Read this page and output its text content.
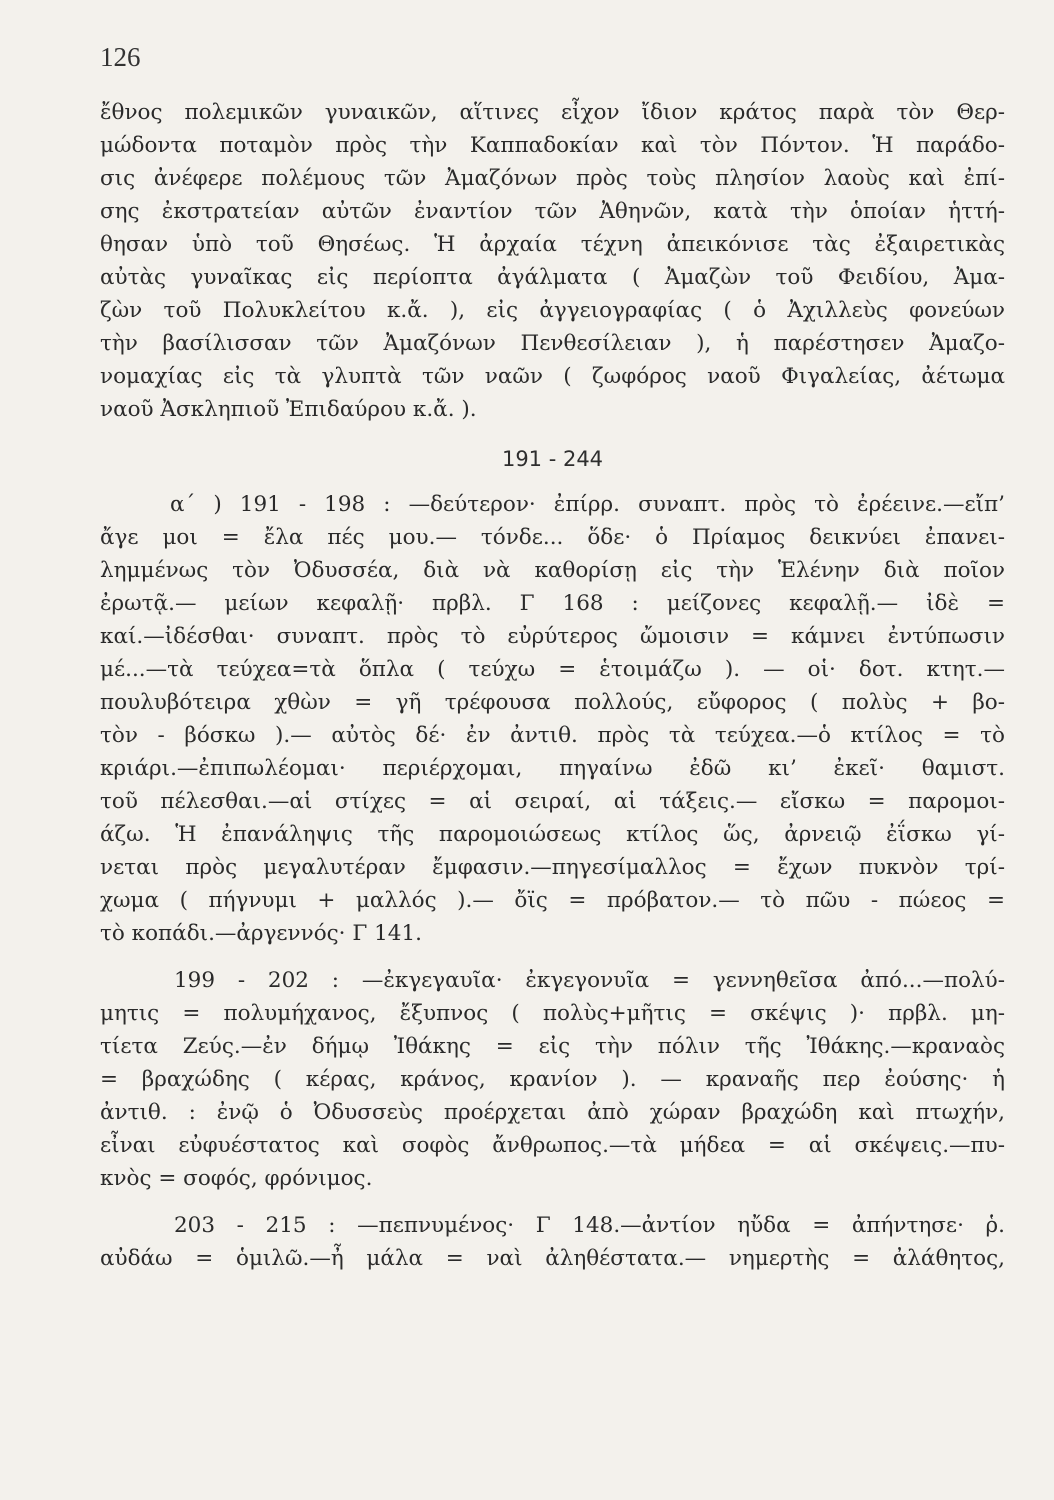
126
ἔθνος πολεμικῶν γυναικῶν, αἵτινες εἶχον ἴδιον κράτος παρὰ τὸν Θερ-
μώδοντα ποταμὸν πρὸς τὴν Καππαδοκίαν καὶ τὸν Πόντον. Ἡ παράδο-
σις ἀνέφερε πολέμους τῶν Ἀμαζόνων πρὸς τοὺς πλησίον λαοὺς καὶ ἐπί-
σης ἐκστρατείαν αὐτῶν ἐναντίον τῶν Ἀθηνῶν, κατὰ τὴν ὁποίαν ἡττή-
θησαν ὑπὸ τοῦ Θησέως. Ἡ ἀρχαία τέχνη ἀπεικόνισε τὰς ἐξαιρετικὰς
αὐτὰς γυναῖκας εἰς περίοπτα ἀγάλματα ( Ἀμαζὼν τοῦ Φειδίου, Ἀμα-
ζὼν τοῦ Πολυκλείτου κ.ἄ. ), εἰς ἀγγειογραφίας ( ὁ Ἀχιλλεὺς φονεύων
τὴν βασίλισσαν τῶν Ἀμαζόνων Πενθεσίλειαν ), ἡ παρέστησεν Ἀμαζο-
νομαχίας εἰς τὰ γλυπτὰ τῶν ναῶν ( ζωφόρος ναοῦ Φιγαλείας, ἀέτωμα
ναοῦ Ἀσκληπιοῦ Ἐπιδαύρου κ.ἄ. ).
191 - 244
α΄ ) 191 - 198 : —δεύτερον· ἐπίρρ. συναπτ. πρὸς τὸ ἐρέεινε.—εἴπ’
ἄγε μοι = ἔλα πές μου.— τόνδε... ὅδε· ὁ Πρίαμος δεικνύει ἐπανει-
λημμένως τὸν Ὀδυσσέα, διὰ νὰ καθορίσῃ εἰς τὴν Ἑλένην διὰ ποῖον
ἐρωτᾷ.— μείων κεφαλῇ· πρβλ. Γ 168 : μείζονες κεφαλῇ.— ἰδὲ =
καί.—ἰδέσθαι· συναπτ. πρὸς τὸ εὐρύτερος ὤμοισιν = κάμνει ἐντύπωσιν
μέ...—τὰ τεύχεα=τὰ ὅπλα ( τεύχω = ἑτοιμάζω ). — οἱ· δοτ. κτητ.—
πουλυβότειρα χθὼν = γῆ τρέφουσα πολλούς, εὔφορος ( πολὺς + βο-
τὸν - βόσκω ).— αὐτὸς δέ· ἐν ἀντιθ. πρὸς τὰ τεύχεα.—ὁ κτίλος = τὸ
κριάρι.—ἐπιπωλέομαι· περιέρχομαι, πηγαίνω ἐδῶ κι’ ἐκεῖ· θαμιστ.
τοῦ πέλεσθαι.—αἱ στίχες = αἱ σειραί, αἱ τάξεις.— εἴσκω = παρομοι-
άζω. Ἡ ἐπανάληψις τῆς παρομοιώσεως κτίλος ὥς, ἀρνειῷ ἐΐσκω γί-
νεται πρὸς μεγαλυτέραν ἔμφασιν.—πηγεσίμαλλος = ἔχων πυκνὸν τρί-
χωμα ( πήγνυμι + μαλλός ).— ὄϊς = πρόβατον.— τὸ πῶυ - πώεος =
τὸ κοπάδι.—ἀργεννός· Γ 141.
199 - 202 : —ἐκγεγαυῖα· ἐκγεγονυῖα = γεννηθεῖσα ἀπό...—πολύ-
μητις = πολυμήχανος, ἔξυπνος ( πολὺς+μῆτις = σκέψις )· πρβλ. μη-
τίετα Ζεύς.—ἐν δήμῳ Ἰθάκης = εἰς τὴν πόλιν τῆς Ἰθάκης.—κραναὸς
= βραχώδης ( κέρας, κράνος, κρανίον ). — κραναῆς περ ἐούσης· ἡ
ἀντιθ. : ἐνῷ ὁ Ὀδυσσεὺς προέρχεται ἀπὸ χώραν βραχώδη καὶ πτωχήν,
εἶναι εὐφυέστατος καὶ σοφὸς ἄνθρωπος.—τὰ μήδεα = αἱ σκέψεις.—πυ-
κνὸς = σοφός, φρόνιμος.
203 - 215 : —πεπνυμένος· Γ 148.—ἀντίον ηὔδα = ἀπήντησε· ῥ.
αὐδάω = ὁμιλῶ.—ἦ μάλα = ναὶ ἀληθέστατα.— νημερτὴς = ἀλάθητος,
